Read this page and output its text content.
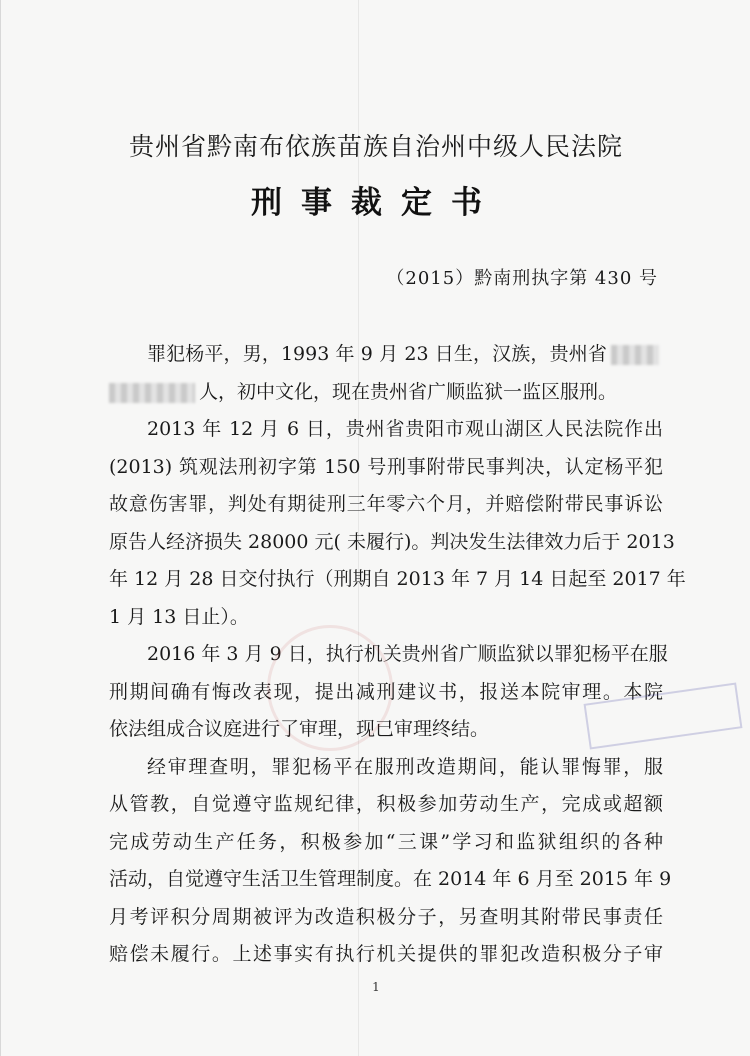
贵州省黔南布依族苗族自治州中级人民法院
刑事裁定书
（2015）黔南刑执字第 430 号
罪犯杨平，男，1993 年 9 月 23 日生，汉族，贵州省
人，初中文化，现在贵州省广顺监狱一监区服刑。
2013 年 12 月 6 日，贵州省贵阳市观山湖区人民法院作出
(2013) 筑观法刑初字第 150 号刑事附带民事判决，认定杨平犯
故意伤害罪，判处有期徒刑三年零六个月，并赔偿附带民事诉讼
原告人经济损失 28000 元( 未履行)。判决发生法律效力后于 2013
年 12 月 28 日交付执行（刑期自 2013 年 7 月 14 日起至 2017 年
1 月 13 日止）。
2016 年 3 月 9 日，执行机关贵州省广顺监狱以罪犯杨平在服
刑期间确有悔改表现，提出减刑建议书，报送本院审理。本院
依法组成合议庭进行了审理，现已审理终结。
经审理查明，罪犯杨平在服刑改造期间，能认罪悔罪，服
从管教，自觉遵守监规纪律，积极参加劳动生产，完成或超额
完成劳动生产任务，积极参加“三课”学习和监狱组织的各种
活动，自觉遵守生活卫生管理制度。在 2014 年 6 月至 2015 年 9
月考评积分周期被评为改造积极分子，另查明其附带民事责任
赔偿未履行。上述事实有执行机关提供的罪犯改造积极分子审
1
